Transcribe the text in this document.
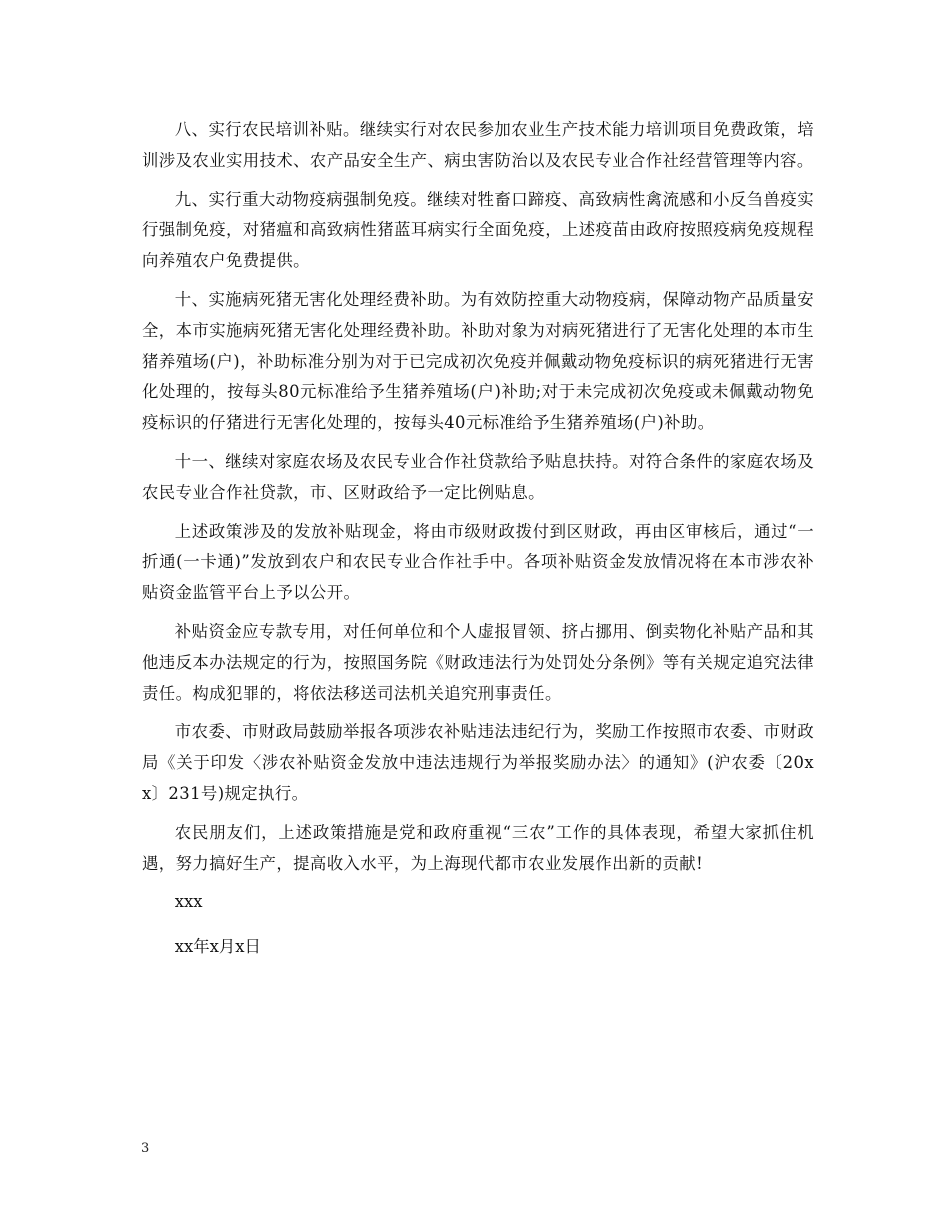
八、实行农民培训补贴。继续实行对农民参加农业生产技术能力培训项目免费政策，培训涉及农业实用技术、农产品安全生产、病虫害防治以及农民专业合作社经营管理等内容。

九、实行重大动物疫病强制免疫。继续对牲畜口蹄疫、高致病性禽流感和小反刍兽疫实行强制免疫，对猪瘟和高致病性猪蓝耳病实行全面免疫，上述疫苗由政府按照疫病免疫规程向养殖农户免费提供。

十、实施病死猪无害化处理经费补助。为有效防控重大动物疫病，保障动物产品质量安全，本市实施病死猪无害化处理经费补助。补助对象为对病死猪进行了无害化处理的本市生猪养殖场(户)，补助标准分别为对于已完成初次免疫并佩戴动物免疫标识的病死猪进行无害化处理的，按每头80元标准给予生猪养殖场(户)补助;对于未完成初次免疫或未佩戴动物免疫标识的仔猪进行无害化处理的，按每头40元标准给予生猪养殖场(户)补助。

十一、继续对家庭农场及农民专业合作社贷款给予贴息扶持。对符合条件的家庭农场及农民专业合作社贷款，市、区财政给予一定比例贴息。

上述政策涉及的发放补贴现金，将由市级财政拨付到区财政，再由区审核后，通过“一折通(一卡通)”发放到农户和农民专业合作社手中。各项补贴资金发放情况将在本市涉农补贴资金监管平台上予以公开。

补贴资金应专款专用，对任何单位和个人虚报冒领、挤占挪用、倒卖物化补贴产品和其他违反本办法规定的行为，按照国务院《财政违法行为处罚处分条例》等有关规定追究法律责任。构成犯罪的，将依法移送司法机关追究刑事责任。

市农委、市财政局鼓励举报各项涉农补贴违法违纪行为，奖励工作按照市农委、市财政局《关于印发〈涉农补贴资金发放中违法违规行为举报奖励办法〉的通知》(沪农委〔20xx〕231号)规定执行。

农民朋友们，上述政策措施是党和政府重视“三农”工作的具体表现，希望大家抓住机遇，努力搞好生产，提高收入水平，为上海现代都市农业发展作出新的贡献!

xxx

xx年x月x日

3
